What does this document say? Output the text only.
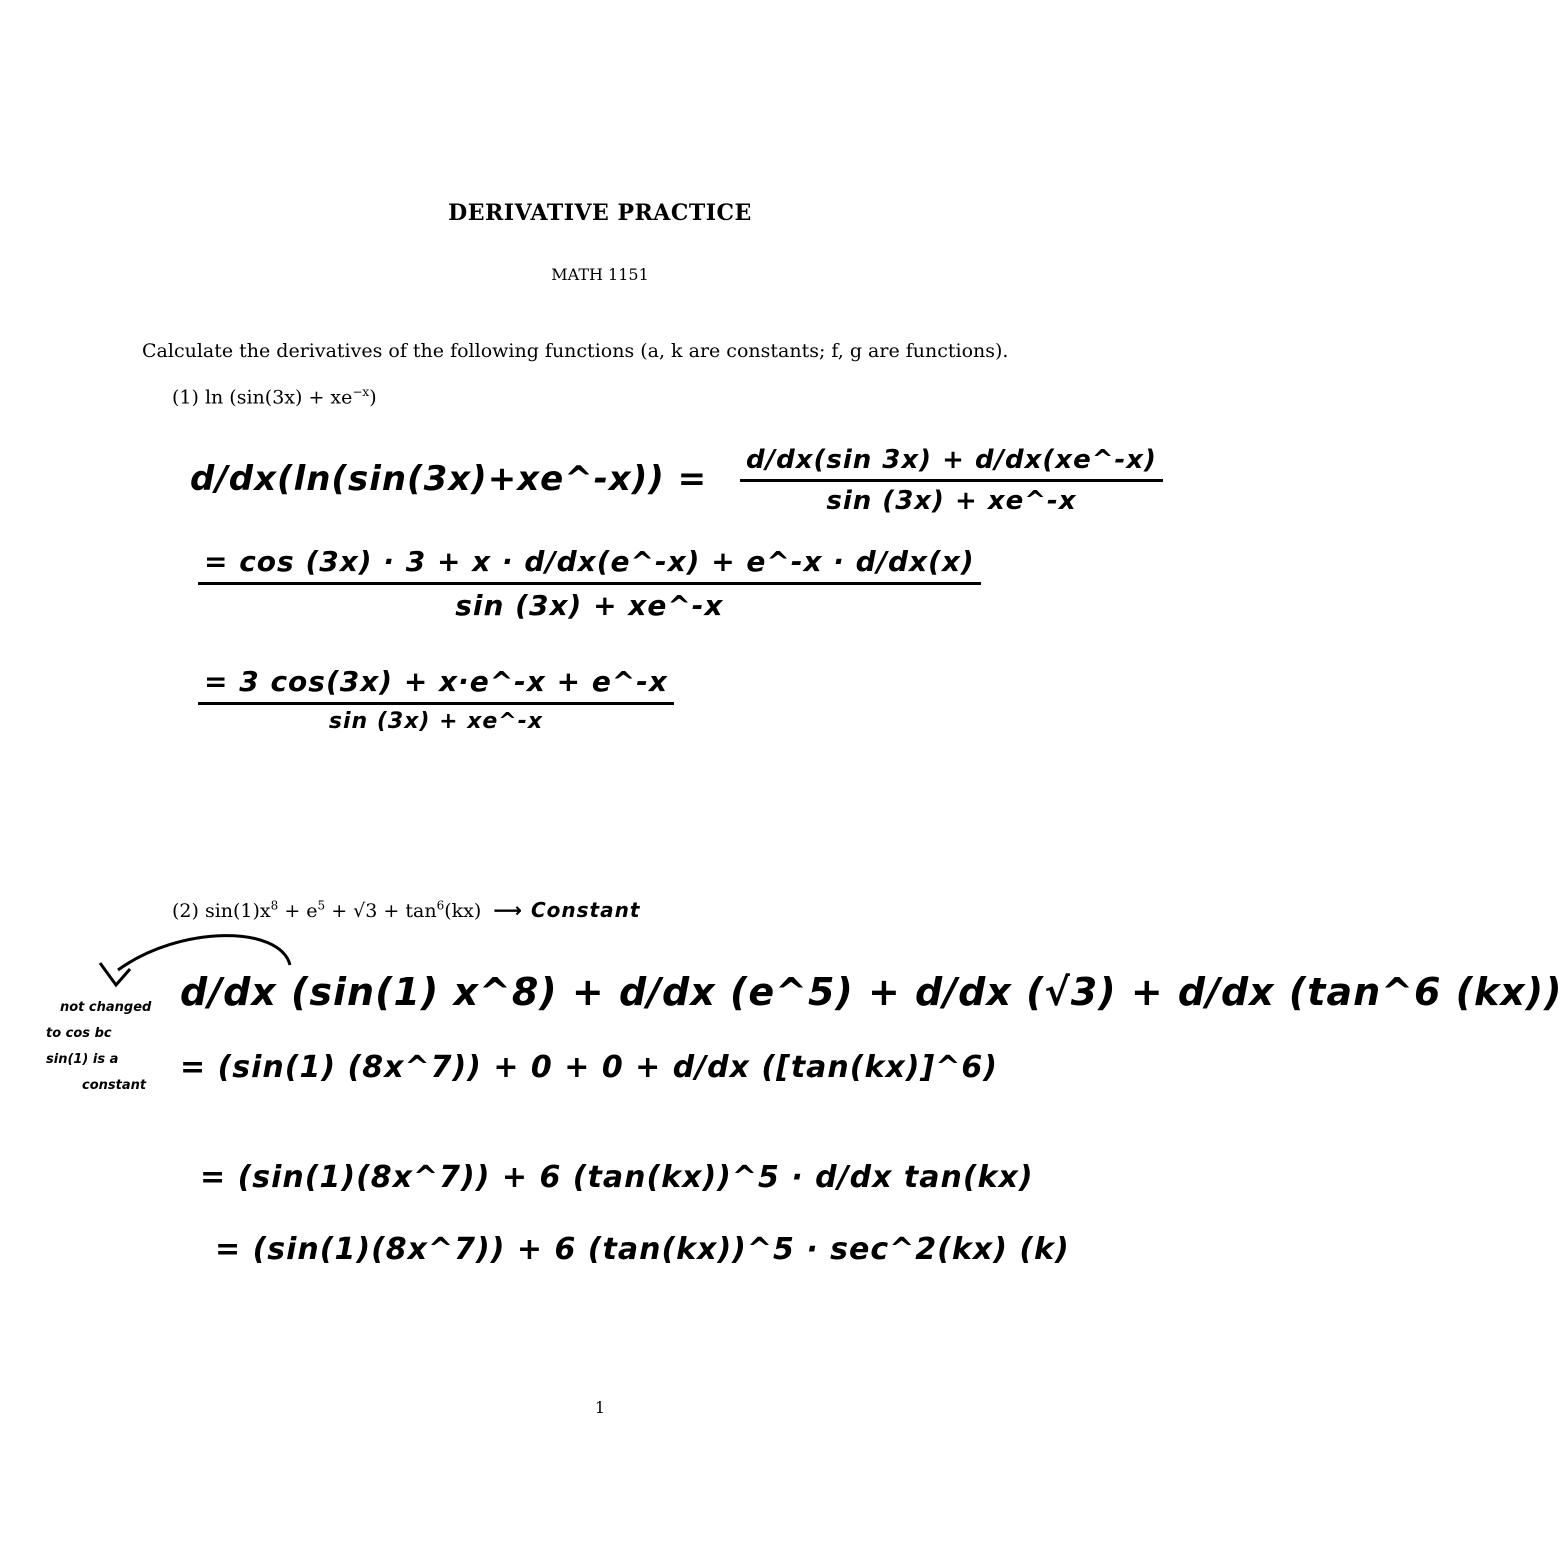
DERIVATIVE PRACTICE
MATH 1151
Calculate the derivatives of the following functions (a, k are constants; f, g are functions).
(1) $\ln (\sin(3x) + xe^{-x})$
d/dx(ln(sin(3x)+xe^-x)) = $\frac{d/dx(\sin 3x) + d/dx(xe\^{}-x)}{\sin (3x) + xe\^{}-x}$
$\frac{= \cos (3x) \cdot 3 + x \cdot d/dx(e\^{}-x) + e\^{}-x \cdot d/dx(x)}{\sin (3x) + xe\^{}-x}$
$\frac{= 3 \cos(3x) + x\cdot e\^{}-x + e\^{}-x}{\sin (3x) + xe\^{}-x}$
(2) $\sin(1)x^8 + e^5 + √3 + \tan^6(kx)$ ⟶ Constant
not changed
to cos bc
sin(1) is a
constant
d/dx (sin(1) x^8) + d/dx (e^5) + d/dx (√3) + d/dx (tan^6 (kx))
= (sin(1) (8x^7)) + 0 + 0 + d/dx ([tan(kx)]^6)
= (sin(1)(8x^7)) + 6 (tan(kx))^5 · d/dx tan(kx)
= (sin(1)(8x^7)) + 6 (tan(kx))^5 · sec^2(kx) (k)
1
